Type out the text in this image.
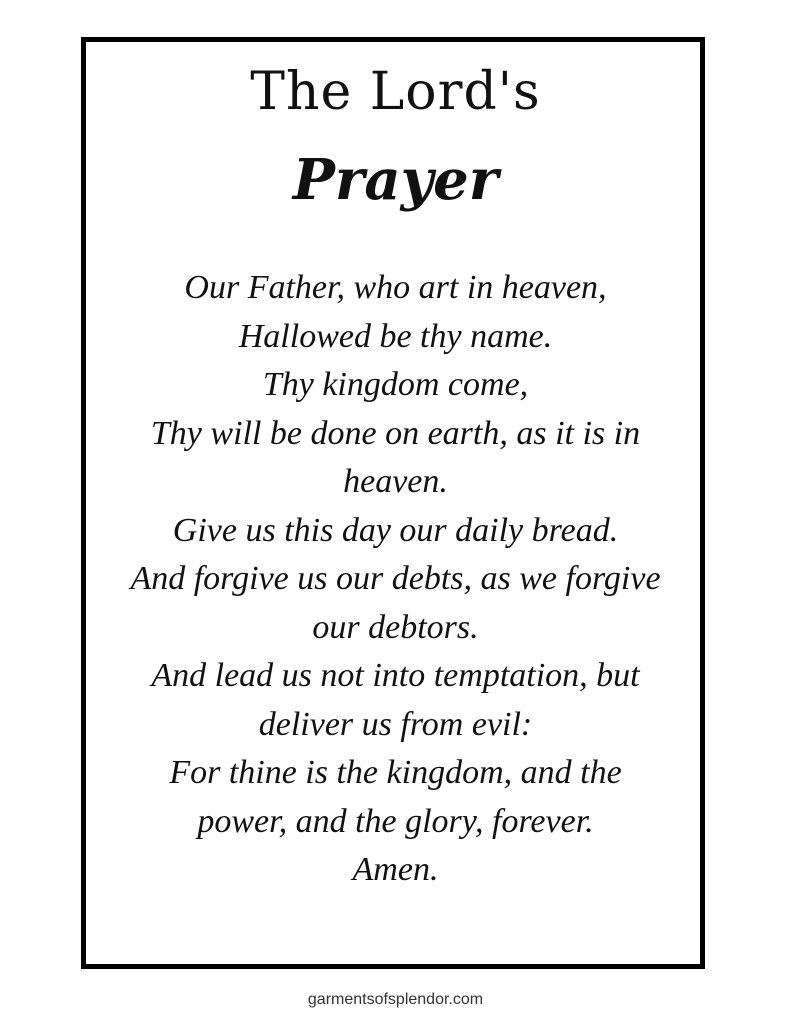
The Lord's
Prayer
Our Father, who art in heaven,
Hallowed be thy name.
Thy kingdom come,
Thy will be done on earth, as it is in
heaven.
Give us this day our daily bread.
And forgive us our debts, as we forgive
our debtors.
And lead us not into temptation, but
deliver us from evil:
For thine is the kingdom, and the
power, and the glory, forever.
Amen.
garmentsofsplendor.com
